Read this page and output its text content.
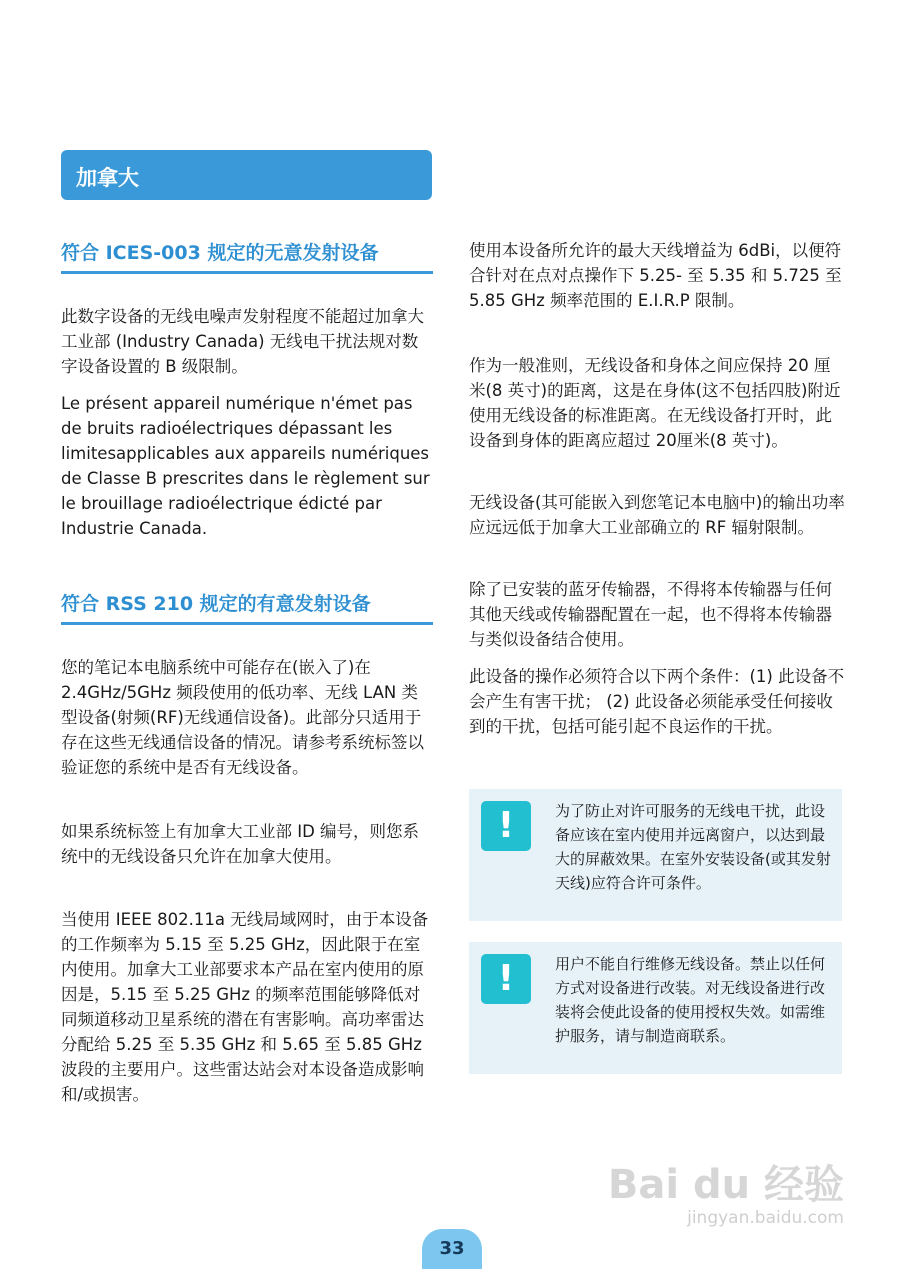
加拿大
符合 ICES-003 规定的无意发射设备

此数字设备的无线电噪声发射程度不能超过加拿大工业部 (Industry Canada) 无线电干扰法规对数字设备设置的 B 级限制。

Le présent appareil numérique n'émet pas de bruits radioélectriques dépassant les limitesapplicables aux appareils numériques de Classe B prescrites dans le règlement sur le brouillage radioélectrique édicté par Industrie Canada.

符合 RSS 210 规定的有意发射设备

您的笔记本电脑系统中可能存在(嵌入了)在 2.4GHz/5GHz 频段使用的低功率、无线 LAN 类型设备(射频(RF)无线通信设备)。此部分只适用于存在这些无线通信设备的情况。请参考系统标签以验证您的系统中是否有无线设备。

如果系统标签上有加拿大工业部 ID 编号，则您系统中的无线设备只允许在加拿大使用。

当使用 IEEE 802.11a 无线局域网时，由于本设备的工作频率为 5.15 至 5.25 GHz，因此限于在室内使用。加拿大工业部要求本产品在室内使用的原因是，5.15 至 5.25 GHz 的频率范围能够降低对同频道移动卫星系统的潜在有害影响。高功率雷达分配给 5.25 至 5.35 GHz 和 5.65 至 5.85 GHz 波段的主要用户。这些雷达站会对本设备造成影响和/或损害。

使用本设备所允许的最大天线增益为 6dBi，以便符合针对在点对点操作下 5.25- 至 5.35 和 5.725 至 5.85 GHz 频率范围的 E.I.R.P 限制。

作为一般准则，无线设备和身体之间应保持 20 厘米(8 英寸)的距离，这是在身体(这不包括四肢)附近使用无线设备的标准距离。在无线设备打开时，此设备到身体的距离应超过 20厘米(8 英寸)。

无线设备(其可能嵌入到您笔记本电脑中)的输出功率应远远低于加拿大工业部确立的 RF 辐射限制。

除了已安装的蓝牙传输器，不得将本传输器与任何其他天线或传输器配置在一起，也不得将本传输器与类似设备结合使用。

此设备的操作必须符合以下两个条件：(1) 此设备不会产生有害干扰； (2) 此设备必须能承受任何接收到的干扰，包括可能引起不良运作的干扰。

!	为了防止对许可服务的无线电干扰，此设备应该在室内使用并远离窗户，以达到最大的屏蔽效果。在室外安装设备(或其发射天线)应符合许可条件。

!	用户不能自行维修无线设备。禁止以任何方式对设备进行改装。对无线设备进行改装将会使此设备的使用授权失效。如需维护服务，请与制造商联系。

Bai du 经验
jingyan.baidu.com
33
